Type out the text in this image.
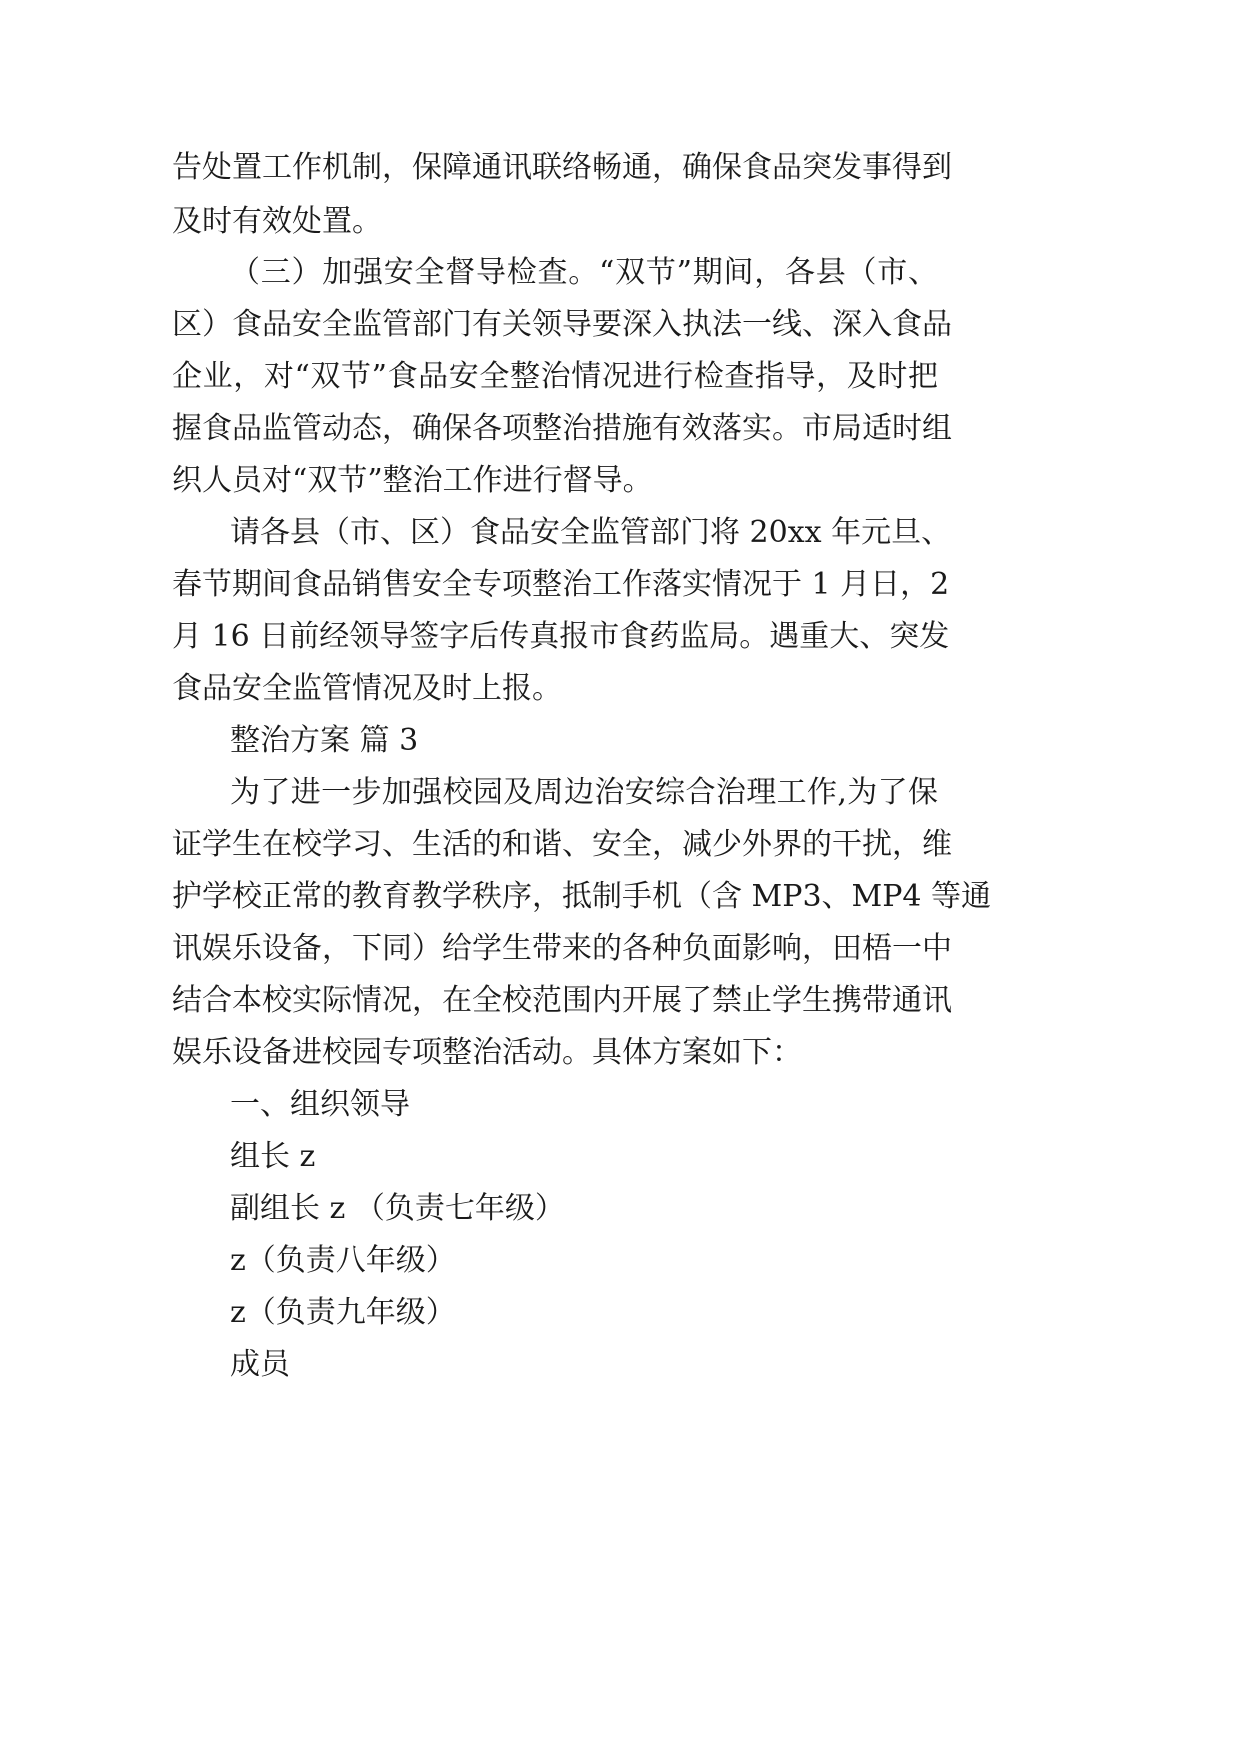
告处置工作机制，保障通讯联络畅通，确保食品突发事得到
及时有效处置。
（三）加强安全督导检查。“双节”期间，各县（市、
区）食品安全监管部门有关领导要深入执法一线、深入食品
企业，对“双节”食品安全整治情况进行检查指导，及时把
握食品监管动态，确保各项整治措施有效落实。市局适时组
织人员对“双节”整治工作进行督导。
请各县（市、区）食品安全监管部门将 20xx 年元旦、
春节期间食品销售安全专项整治工作落实情况于 1 月日，2
月 16 日前经领导签字后传真报市食药监局。遇重大、突发
食品安全监管情况及时上报。
整治方案 篇 3
为了进一步加强校园及周边治安综合治理工作,为了保
证学生在校学习、生活的和谐、安全，减少外界的干扰，维
护学校正常的教育教学秩序，抵制手机（含 MP3、MP4 等通
讯娱乐设备，下同）给学生带来的各种负面影响，田梧一中
结合本校实际情况，在全校范围内开展了禁止学生携带通讯
娱乐设备进校园专项整治活动。具体方案如下：
一、组织领导
组长 z
副组长 z （负责七年级）
z（负责八年级）
z（负责九年级）
成员
